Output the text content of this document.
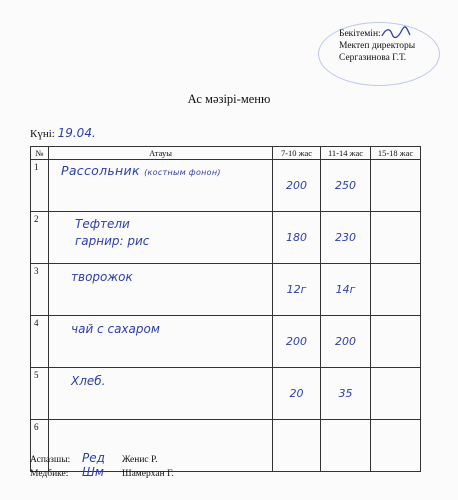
Бекітемін:
Мектеп директоры
Сергазинова Г.Т.
Ас мәзірі-меню
Күні: 19.04.
№	Атауы	7-10 жас	11-14 жас	15-18 жас
1	Рассольник (костным фонон)	200	250	
2	Тефтели
гарнир: рис	180	230	
3	творожок	12г	14г	
4	чай с сахаром	200	200	
5	Хлеб.	20	35	
6				
Аспазшы: Ред Женис Р.
Медбике: Шм Шамерхан Г.
